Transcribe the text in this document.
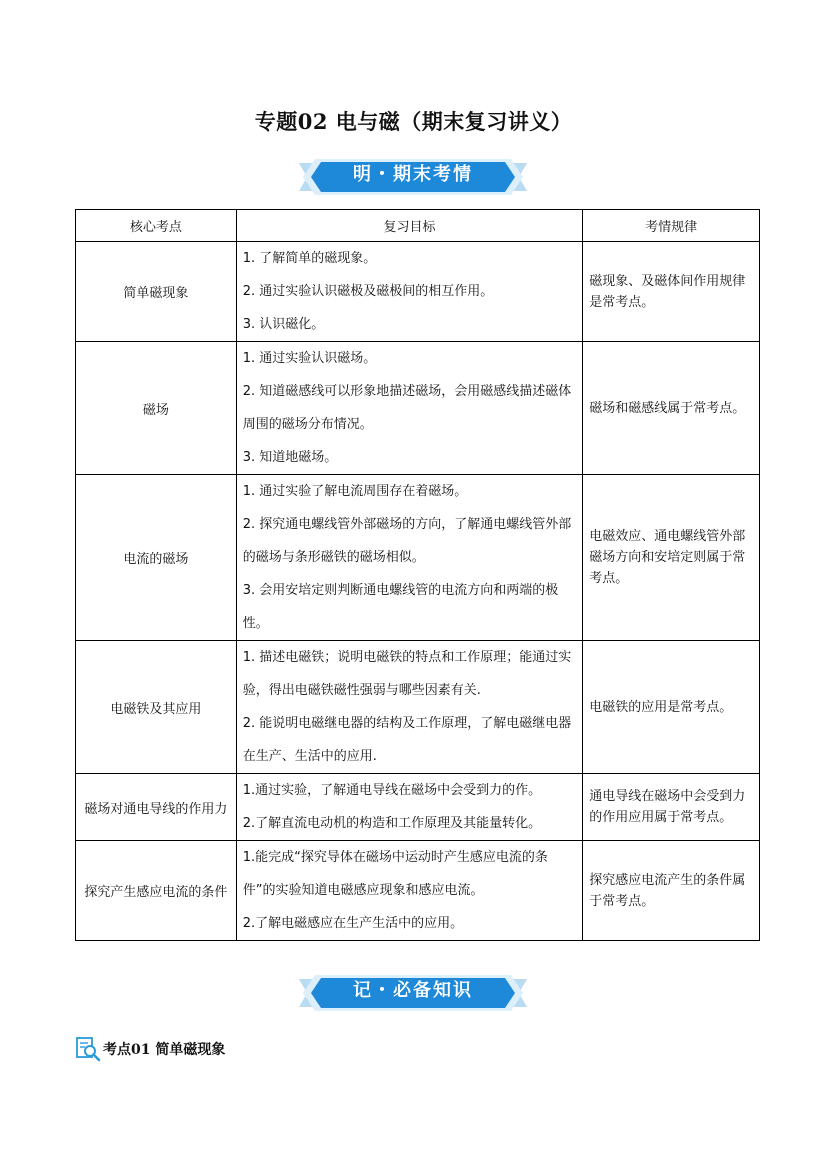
专题02 电与磁（期末复习讲义）
明・期末考情
核心考点	复习目标	考情规律
简单磁现象	1. 了解简单的磁现象。
2. 通过实验认识磁极及磁极间的相互作用。
3. 认识磁化。	磁现象、及磁体间作用规律是常考点。
磁场	1. 通过实验认识磁场。
2. 知道磁感线可以形象地描述磁场，会用磁感线描述磁体周围的磁场分布情况。
3. 知道地磁场。	磁场和磁感线属于常考点。
电流的磁场	1. 通过实验了解电流周围存在着磁场。
2. 探究通电螺线管外部磁场的方向，了解通电螺线管外部的磁场与条形磁铁的磁场相似。
3. 会用安培定则判断通电螺线管的电流方向和两端的极性。	电磁效应、通电螺线管外部磁场方向和安培定则属于常考点。
电磁铁及其应用	1. 描述电磁铁；说明电磁铁的特点和工作原理；能通过实验，得出电磁铁磁性强弱与哪些因素有关.
2. 能说明电磁继电器的结构及工作原理，了解电磁继电器在生产、生活中的应用.	电磁铁的应用是常考点。
磁场对通电导线的作用力	1.通过实验，了解通电导线在磁场中会受到力的作。
2.了解直流电动机的构造和工作原理及其能量转化。	通电导线在磁场中会受到力的作用应用属于常考点。
探究产生感应电流的条件	1.能完成“探究导体在磁场中运动时产生感应电流的条件”的实验知道电磁感应现象和感应电流。
2.了解电磁感应在生产生活中的应用。	探究感应电流产生的条件属于常考点。
记・必备知识
考点01 简单磁现象
